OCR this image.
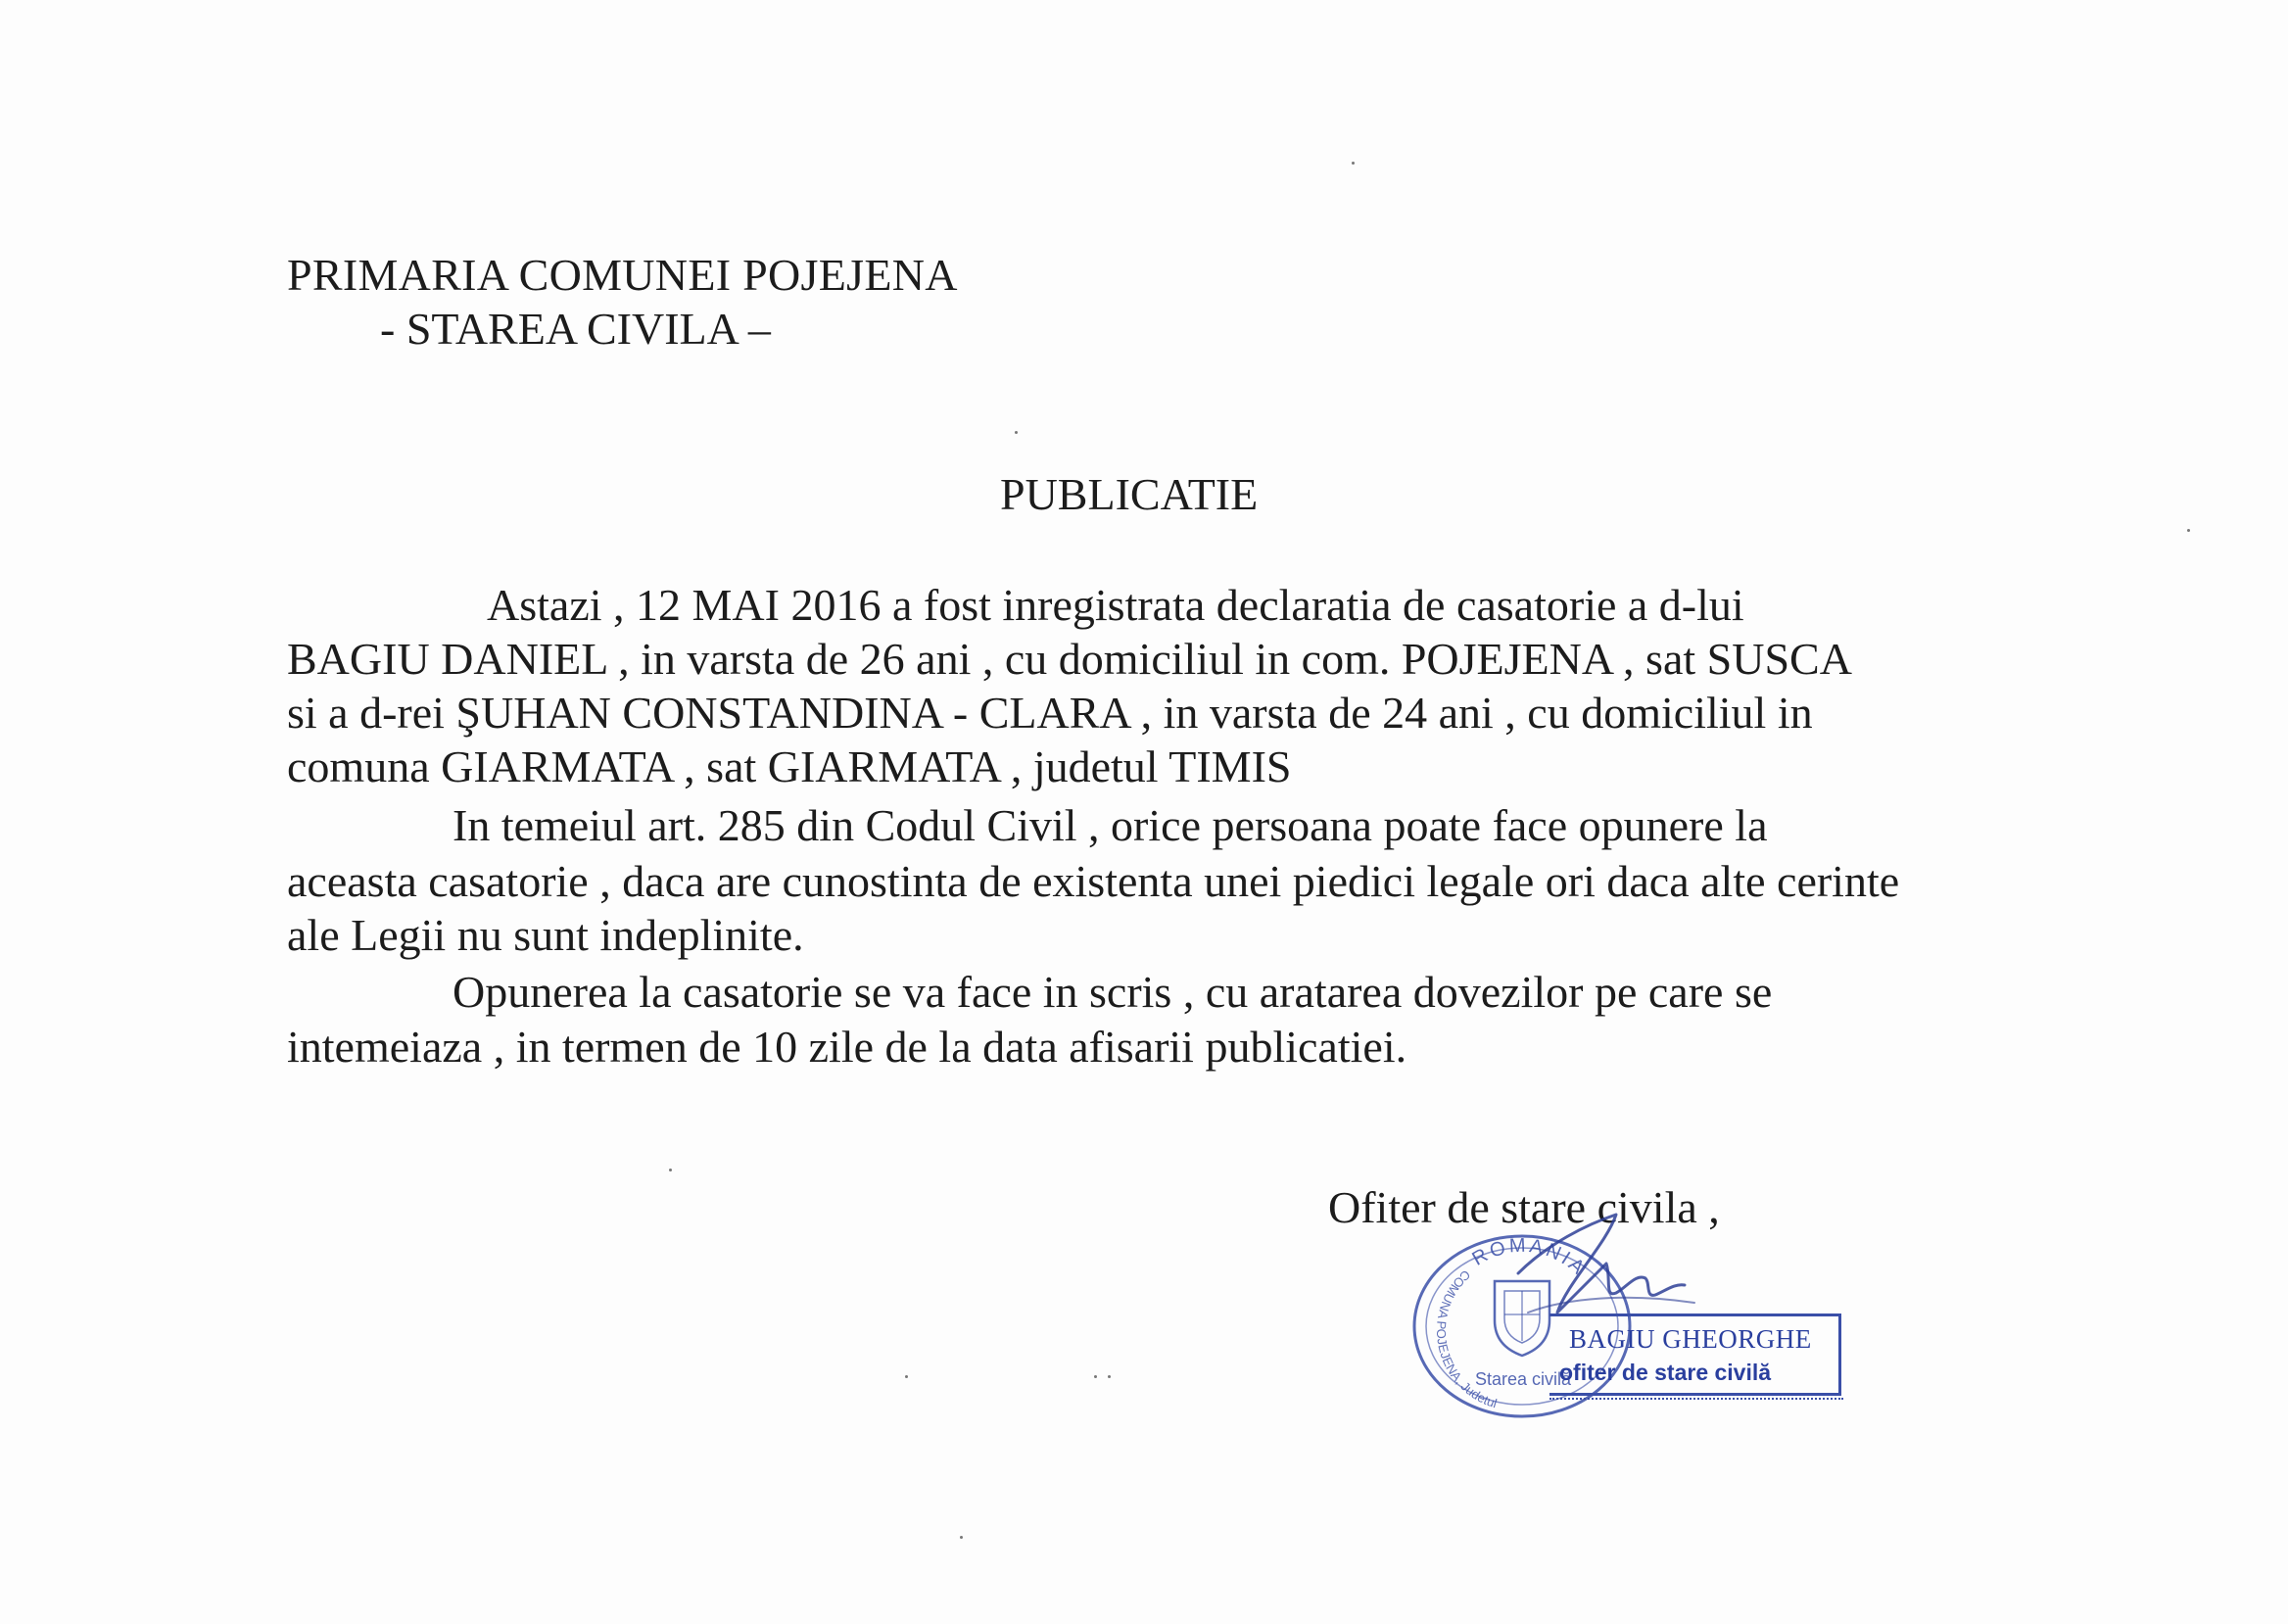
PRIMARIA COMUNEI POJEJENA
- STAREA CIVILA –
PUBLICATIE
Astazi , 12 MAI 2016 a fost inregistrata declaratia de casatorie a d-lui
BAGIU DANIEL , in varsta de 26 ani , cu domiciliul in com. POJEJENA , sat SUSCA
si a d-rei ŞUHAN CONSTANDINA - CLARA , in varsta de 24 ani , cu domiciliul in
comuna GIARMATA , sat GIARMATA , judetul TIMIS
In temeiul art. 285 din Codul Civil , orice persoana poate face opunere la
aceasta casatorie , daca are cunostinta de existenta unei piedici legale ori daca alte cerinte
ale Legii nu sunt indeplinite.
Opunerea la casatorie se va face in scris , cu aratarea dovezilor pe care se
intemeiaza , in termen de 10 zile de la data afisarii publicatiei.
Ofiter de stare civila ,
ROMANIA
COMUNA POJEJENA, Judetul
Starea civilă
BAGIU GHEORGHE
ofiter de stare civilă
